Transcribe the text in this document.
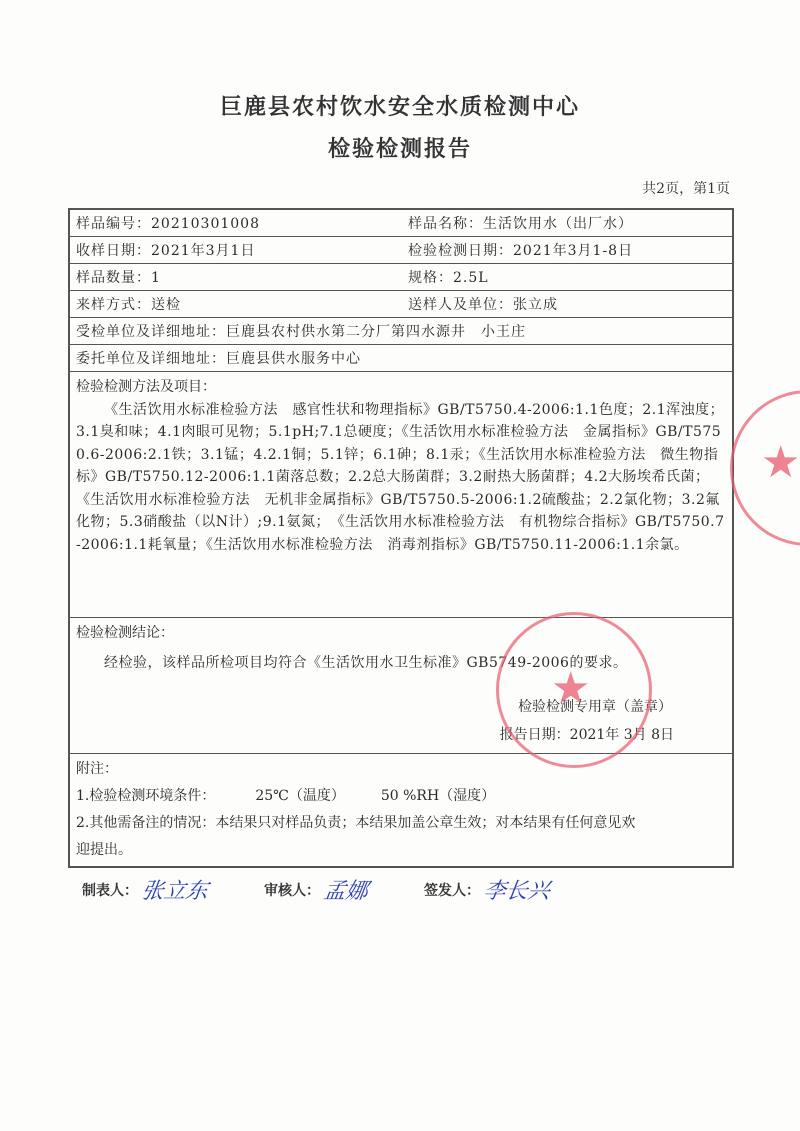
巨鹿县农村饮水安全水质检测中心
检验检测报告
共2页，第1页
样品编号：20210301008	样品名称：生活饮用水（出厂水）
收样日期：2021年3月1日	检验检测日期：2021年3月1-8日
样品数量：1	规格：2.5L
来样方式：送检	送样人及单位：张立成
受检单位及详细地址：巨鹿县农村供水第二分厂第四水源井　小王庄
委托单位及详细地址：巨鹿县供水服务中心
检验检测方法及项目：
《生活饮用水标准检验方法　感官性状和物理指标》GB/T5750.4-2006:1.1色度；2.1浑浊度；3.1臭和味；4.1肉眼可见物；5.1pH;7.1总硬度；《生活饮用水标准检验方法　金属指标》GB/T5750.6-2006:2.1铁；3.1锰；4.2.1铜；5.1锌；6.1砷；8.1汞；《生活饮用水标准检验方法　微生物指标》GB/T5750.12-2006:1.1菌落总数；2.2总大肠菌群；3.2耐热大肠菌群；4.2大肠埃希氏菌；《生活饮用水标准检验方法　无机非金属指标》GB/T5750.5-2006:1.2硫酸盐；2.2氯化物；3.2氟化物；5.3硝酸盐（以N计）;9.1氨氮；　《生活饮用水标准检验方法　有机物综合指标》GB/T5750.7-2006:1.1耗氧量；《生活饮用水标准检验方法　消毒剂指标》GB/T5750.11-2006:1.1余氯。
检验检测结论：
经检验，该样品所检项目均符合《生活饮用水卫生标准》GB5749-2006的要求。
检验检测专用章（盖章）
报告日期：2021年 3月 8日
附注：
1.检验检测环境条件：	25℃（温度）	50 %RH（湿度）
2.其他需备注的情况：本结果只对样品负责；本结果加盖公章生效；对本结果有任何意见欢
迎提出。
制表人： 张立东	审核人： 孟娜	签发人： 李长兴
★
★
